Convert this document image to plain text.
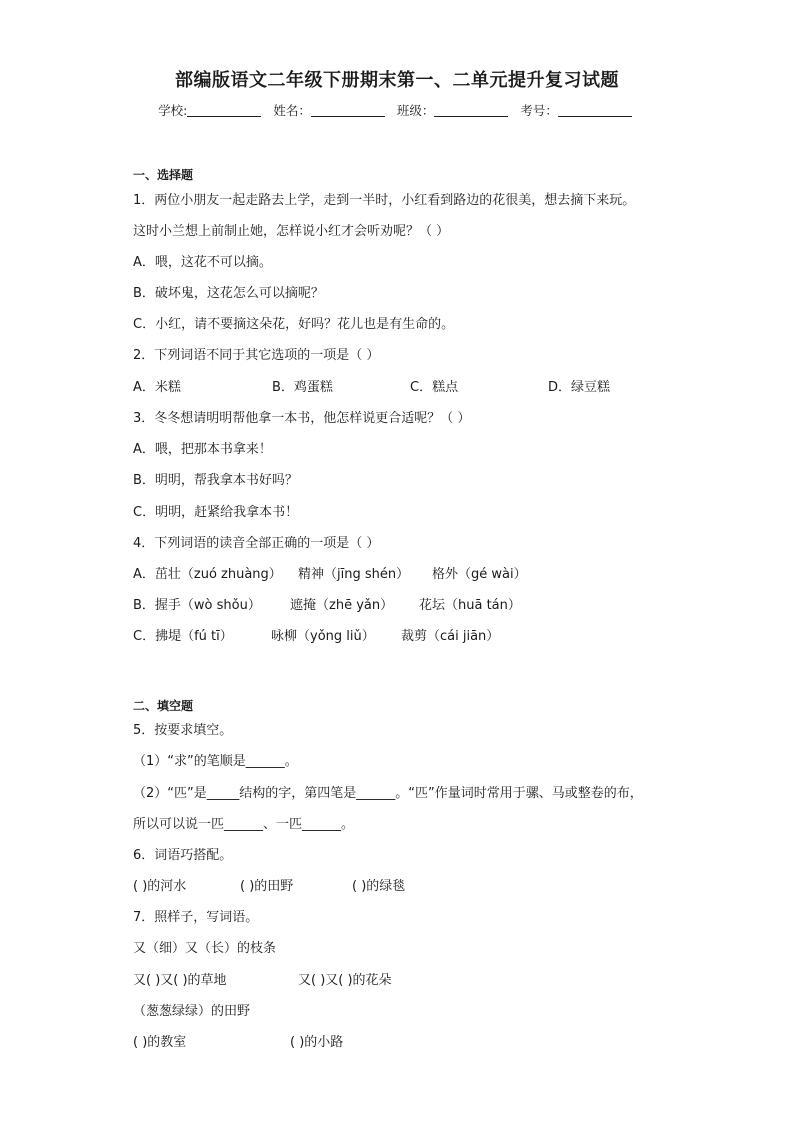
部编版语文二年级下册期末第一、二单元提升复习试题
学校:	姓名：	班级：	考号：
一、选择题
1．两位小朋友一起走路去上学，走到一半时，小红看到路边的花很美，想去摘下来玩。
这时小兰想上前制止她，怎样说小红才会听劝呢？（ ）
A．喂，这花不可以摘。
B．破坏鬼，这花怎么可以摘呢？
C．小红，请不要摘这朵花，好吗？花儿也是有生命的。
2．下列词语不同于其它选项的一项是（ ）
A．米糕	B．鸡蛋糕	C．糕点	D．绿豆糕
3．冬冬想请明明帮他拿一本书，他怎样说更合适呢？（ ）
A．喂，把那本书拿来！
B．明明，帮我拿本书好吗？
C．明明，赶紧给我拿本书！
4．下列词语的读音全部正确的一项是（ ）
A．茁壮（zuó zhuàng） 精神（jīng shén） 格外（gé wài）
B．握手（wò shǒu） 遮掩（zhē yǎn） 花坛（huā tán）
C．拂堤（fú tī）	咏柳（yǒng liǔ） 裁剪（cái jiān）
二、填空题
5．按要求填空。
（1）“求”的笔顺是______。
（2）“匹”是_____结构的字，第四笔是______。“匹”作量词时常用于骡、马或整卷的布，
所以可以说一匹______、一匹______。
6．词语巧搭配。
( )的河水	( )的田野	( )的绿毯
7．照样子，写词语。
又（细）又（长）的枝条
又( )又( )的草地	又( )又( )的花朵
（葱葱绿绿）的田野
( )的教室	( )的小路
